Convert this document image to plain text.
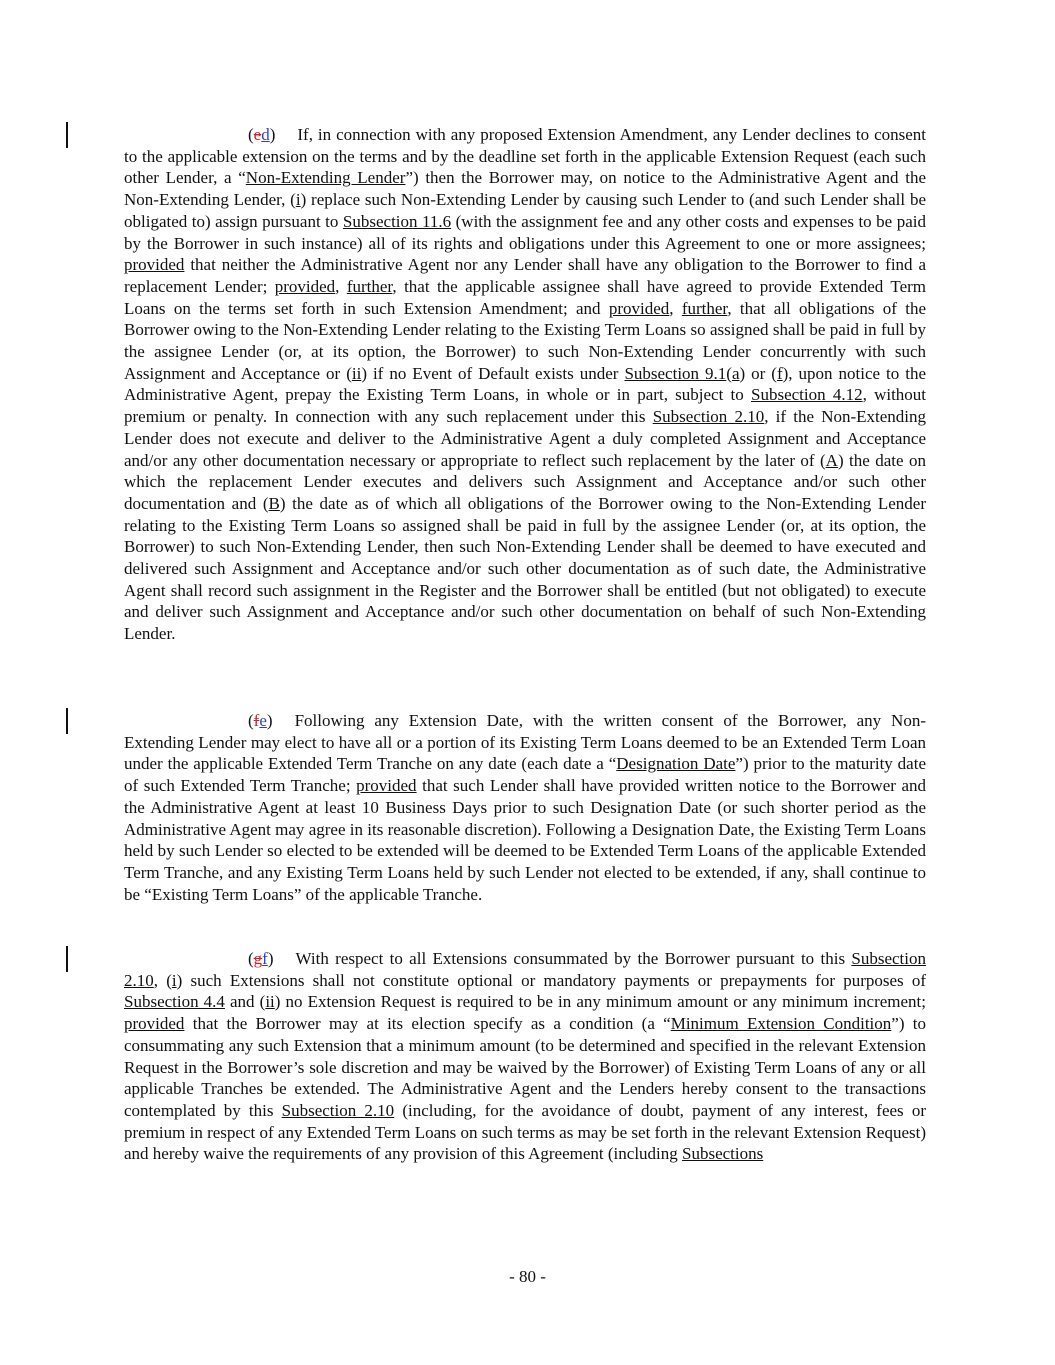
(ed) If, in connection with any proposed Extension Amendment, any Lender declines to consent to the applicable extension on the terms and by the deadline set forth in the applicable Extension Request (each such other Lender, a “Non-Extending Lender”) then the Borrower may, on notice to the Administrative Agent and the Non-Extending Lender, (i) replace such Non-Extending Lender by causing such Lender to (and such Lender shall be obligated to) assign pursuant to Subsection 11.6 (with the assignment fee and any other costs and expenses to be paid by the Borrower in such instance) all of its rights and obligations under this Agreement to one or more assignees; provided that neither the Administrative Agent nor any Lender shall have any obligation to the Borrower to find a replacement Lender; provided, further, that the applicable assignee shall have agreed to provide Extended Term Loans on the terms set forth in such Extension Amendment; and provided, further, that all obligations of the Borrower owing to the Non-Extending Lender relating to the Existing Term Loans so assigned shall be paid in full by the assignee Lender (or, at its option, the Borrower) to such Non-Extending Lender concurrently with such Assignment and Acceptance or (ii) if no Event of Default exists under Subsection 9.1(a) or (f), upon notice to the Administrative Agent, prepay the Existing Term Loans, in whole or in part, subject to Subsection 4.12, without premium or penalty. In connection with any such replacement under this Subsection 2.10, if the Non-Extending Lender does not execute and deliver to the Administrative Agent a duly completed Assignment and Acceptance and/or any other documentation necessary or appropriate to reflect such replacement by the later of (A) the date on which the replacement Lender executes and delivers such Assignment and Acceptance and/or such other documentation and (B) the date as of which all obligations of the Borrower owing to the Non-Extending Lender relating to the Existing Term Loans so assigned shall be paid in full by the assignee Lender (or, at its option, the Borrower) to such Non-Extending Lender, then such Non-Extending Lender shall be deemed to have executed and delivered such Assignment and Acceptance and/or such other documentation as of such date, the Administrative Agent shall record such assignment in the Register and the Borrower shall be entitled (but not obligated) to execute and deliver such Assignment and Acceptance and/or such other documentation on behalf of such Non-Extending Lender.

(fe) Following any Extension Date, with the written consent of the Borrower, any Non-Extending Lender may elect to have all or a portion of its Existing Term Loans deemed to be an Extended Term Loan under the applicable Extended Term Tranche on any date (each date a “Designation Date”) prior to the maturity date of such Extended Term Tranche; provided that such Lender shall have provided written notice to the Borrower and the Administrative Agent at least 10 Business Days prior to such Designation Date (or such shorter period as the Administrative Agent may agree in its reasonable discretion). Following a Designation Date, the Existing Term Loans held by such Lender so elected to be extended will be deemed to be Extended Term Loans of the applicable Extended Term Tranche, and any Existing Term Loans held by such Lender not elected to be extended, if any, shall continue to be “Existing Term Loans” of the applicable Tranche.

(gf) With respect to all Extensions consummated by the Borrower pursuant to this Subsection 2.10, (i) such Extensions shall not constitute optional or mandatory payments or prepayments for purposes of Subsection 4.4 and (ii) no Extension Request is required to be in any minimum amount or any minimum increment; provided that the Borrower may at its election specify as a condition (a “Minimum Extension Condition”) to consummating any such Extension that a minimum amount (to be determined and specified in the relevant Extension Request in the Borrower’s sole discretion and may be waived by the Borrower) of Existing Term Loans of any or all applicable Tranches be extended. The Administrative Agent and the Lenders hereby consent to the transactions contemplated by this Subsection 2.10 (including, for the avoidance of doubt, payment of any interest, fees or premium in respect of any Extended Term Loans on such terms as may be set forth in the relevant Extension Request) and hereby waive the requirements of any provision of this Agreement (including Subsections

- 80 -
